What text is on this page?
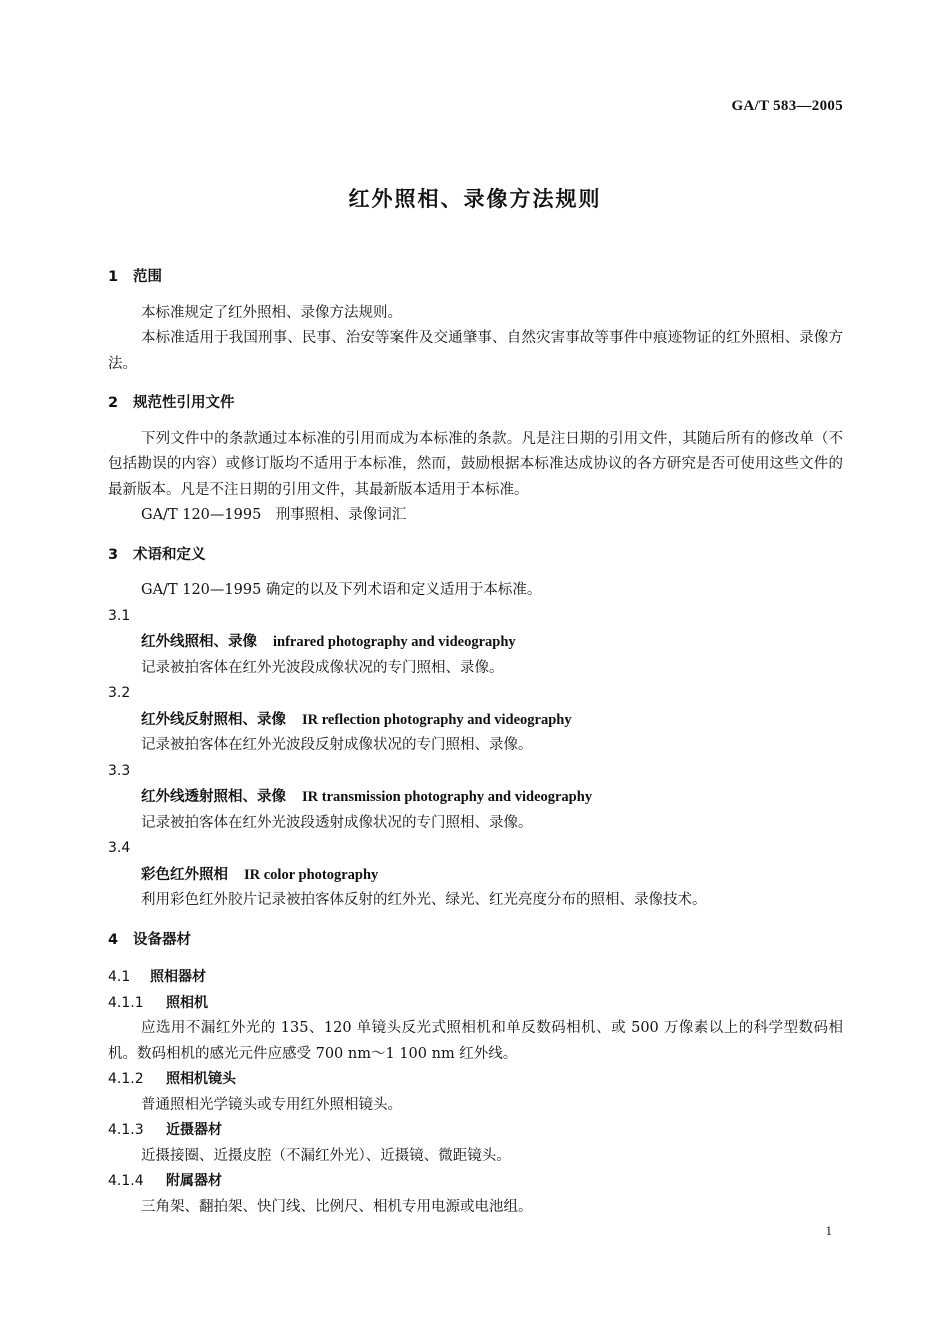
GA/T 583—2005
红外照相、录像方法规则

1 范围

本标准规定了红外照相、录像方法规则。

本标准适用于我国刑事、民事、治安等案件及交通肇事、自然灾害事故等事件中痕迹物证的红外照相、录像方法。

2 规范性引用文件

下列文件中的条款通过本标准的引用而成为本标准的条款。凡是注日期的引用文件，其随后所有的修改单（不包括勘误的内容）或修订版均不适用于本标准，然而，鼓励根据本标准达成协议的各方研究是否可使用这些文件的最新版本。凡是不注日期的引用文件，其最新版本适用于本标准。

GA/T 120—1995　刑事照相、录像词汇

3 术语和定义

GA/T 120—1995 确定的以及下列术语和定义适用于本标准。

3.1

红外线照相、录像 infrared photography and videography

记录被拍客体在红外光波段成像状况的专门照相、录像。

3.2

红外线反射照相、录像 IR reflection photography and videography

记录被拍客体在红外光波段反射成像状况的专门照相、录像。

3.3

红外线透射照相、录像 IR transmission photography and videography

记录被拍客体在红外光波段透射成像状况的专门照相、录像。

3.4

彩色红外照相 IR color photography

利用彩色红外胶片记录被拍客体反射的红外光、绿光、红光亮度分布的照相、录像技术。

4 设备器材

4.1 照相器材

4.1.1 照相机

应选用不漏红外光的 135、120 单镜头反光式照相机和单反数码相机、或 500 万像素以上的科学型数码相机。数码相机的感光元件应感受 700 nm～1 100 nm 红外线。

4.1.2 照相机镜头

普通照相光学镜头或专用红外照相镜头。

4.1.3 近摄器材

近摄接圈、近摄皮腔（不漏红外光）、近摄镜、微距镜头。

4.1.4 附属器材

三角架、翻拍架、快门线、比例尺、相机专用电源或电池组。

1
